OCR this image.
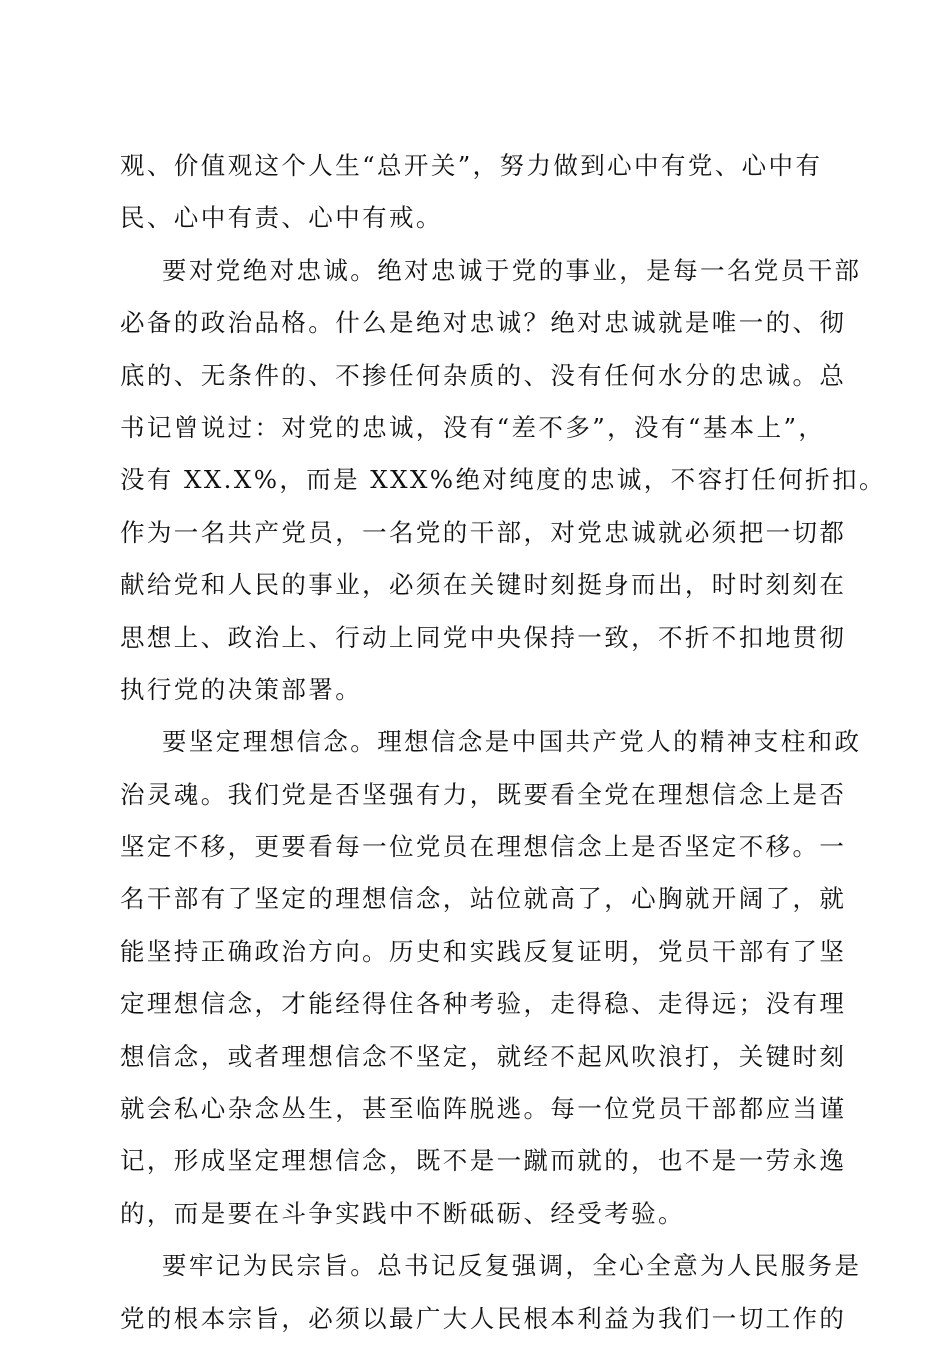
观、价值观这个人生“总开关”，努力做到心中有党、心中有
民、心中有责、心中有戒。
要对党绝对忠诚。绝对忠诚于党的事业，是每一名党员干部
必备的政治品格。什么是绝对忠诚？绝对忠诚就是唯一的、彻
底的、无条件的、不掺任何杂质的、没有任何水分的忠诚。总
书记曾说过：对党的忠诚，没有“差不多”，没有“基本上”，
没有 XX.X%，而是 XXX%绝对纯度的忠诚，不容打任何折扣。
作为一名共产党员，一名党的干部，对党忠诚就必须把一切都
献给党和人民的事业，必须在关键时刻挺身而出，时时刻刻在
思想上、政治上、行动上同党中央保持一致，不折不扣地贯彻
执行党的决策部署。
要坚定理想信念。理想信念是中国共产党人的精神支柱和政
治灵魂。我们党是否坚强有力，既要看全党在理想信念上是否
坚定不移，更要看每一位党员在理想信念上是否坚定不移。一
名干部有了坚定的理想信念，站位就高了，心胸就开阔了，就
能坚持正确政治方向。历史和实践反复证明，党员干部有了坚
定理想信念，才能经得住各种考验，走得稳、走得远；没有理
想信念，或者理想信念不坚定，就经不起风吹浪打，关键时刻
就会私心杂念丛生，甚至临阵脱逃。每一位党员干部都应当谨
记，形成坚定理想信念，既不是一蹴而就的，也不是一劳永逸
的，而是要在斗争实践中不断砥砺、经受考验。
要牢记为民宗旨。总书记反复强调，全心全意为人民服务是
党的根本宗旨，必须以最广大人民根本利益为我们一切工作的
